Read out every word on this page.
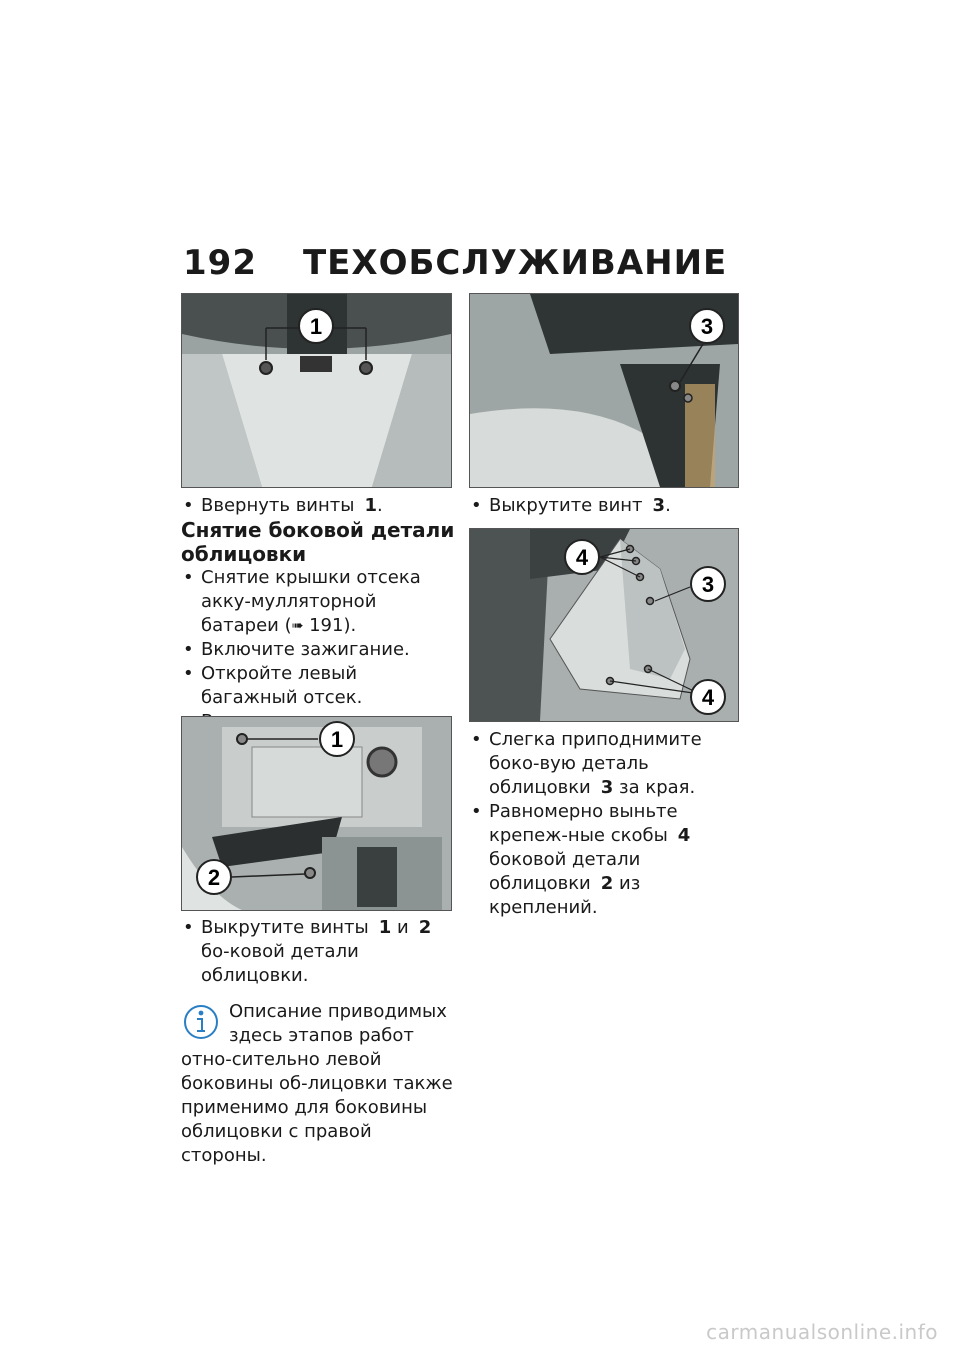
192 ТЕХОБСЛУЖИВАНИЕ
1	3

• Ввернуть винты 1.

Снятие боковой детали облицовки

• Снятие крышки отсека акку-мулляторной батареи (➠ 191).

• Включите зажигание.

• Откройте левый багажный отсек.

•

1
2
4
3
4

• Выкрутите винт 3.

• Слегка приподнимите боко-вую деталь облицовки 3 за края.

• Равномерно выньте крепеж-ные скобы 4 боковой детали облицовки 2 из креплений.

• Выкрутите винты 1 и 2 бо-ковой детали облицовки.

Описание приводимых здесь этапов работ отно-сительно левой боковины об-лицовки также применимо для боковины облицовки с правой стороны.

carmanualsonline.info
